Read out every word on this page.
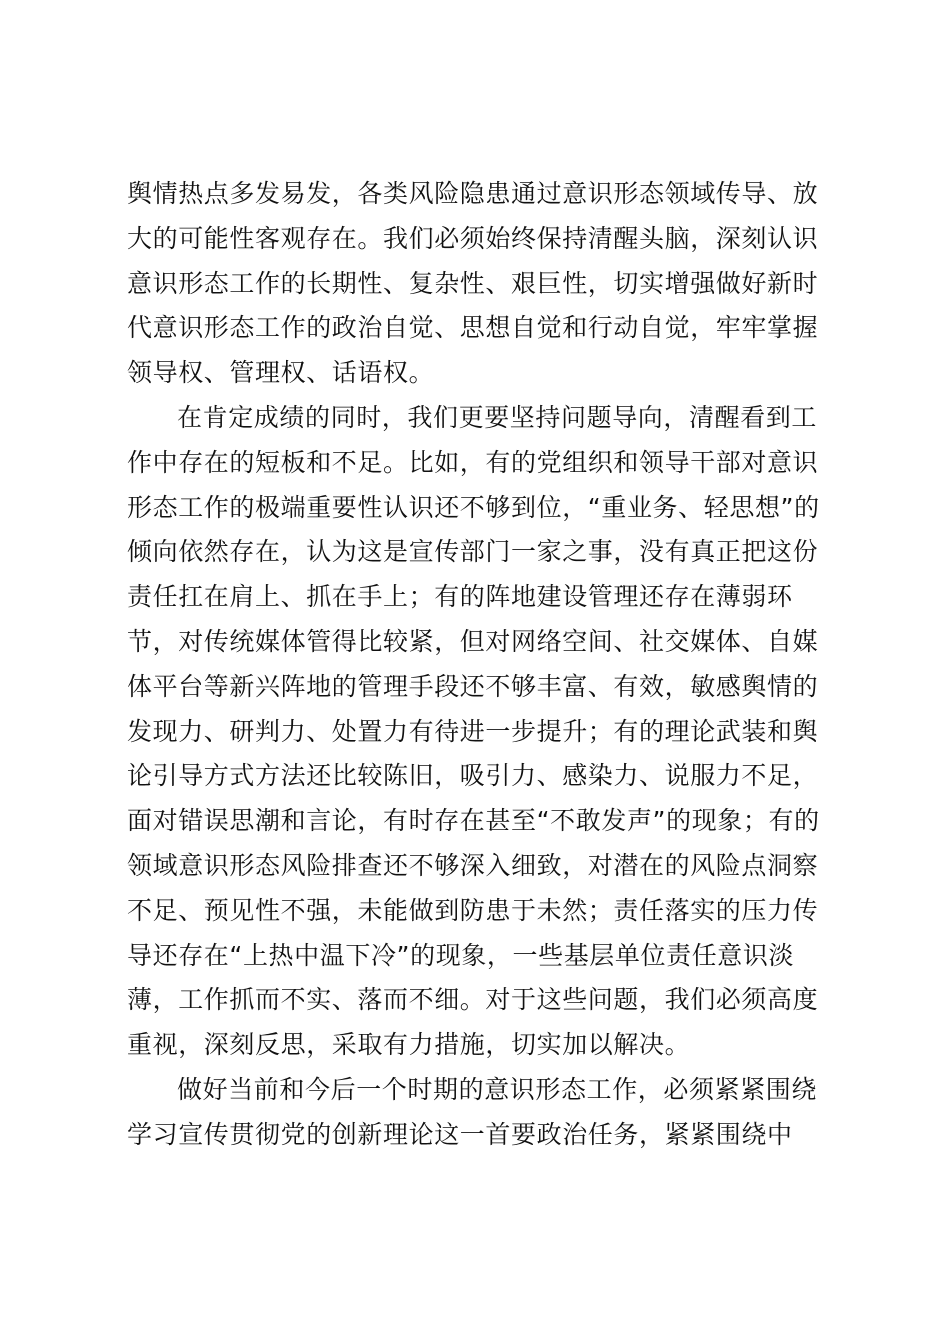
舆情热点多发易发，各类风险隐患通过意识形态领域传导、放
大的可能性客观存在。我们必须始终保持清醒头脑，深刻认识
意识形态工作的长期性、复杂性、艰巨性，切实增强做好新时
代意识形态工作的政治自觉、思想自觉和行动自觉，牢牢掌握
领导权、管理权、话语权。
在肯定成绩的同时，我们更要坚持问题导向，清醒看到工
作中存在的短板和不足。比如，有的党组织和领导干部对意识
形态工作的极端重要性认识还不够到位，“重业务、轻思想”的
倾向依然存在，认为这是宣传部门一家之事，没有真正把这份
责任扛在肩上、抓在手上；有的阵地建设管理还存在薄弱环
节，对传统媒体管得比较紧，但对网络空间、社交媒体、自媒
体平台等新兴阵地的管理手段还不够丰富、有效，敏感舆情的
发现力、研判力、处置力有待进一步提升；有的理论武装和舆
论引导方式方法还比较陈旧，吸引力、感染力、说服力不足，
面对错误思潮和言论，有时存在甚至“不敢发声”的现象；有的
领域意识形态风险排查还不够深入细致，对潜在的风险点洞察
不足、预见性不强，未能做到防患于未然；责任落实的压力传
导还存在“上热中温下冷”的现象，一些基层单位责任意识淡
薄，工作抓而不实、落而不细。对于这些问题，我们必须高度
重视，深刻反思，采取有力措施，切实加以解决。
做好当前和今后一个时期的意识形态工作，必须紧紧围绕
学习宣传贯彻党的创新理论这一首要政治任务，紧紧围绕中
